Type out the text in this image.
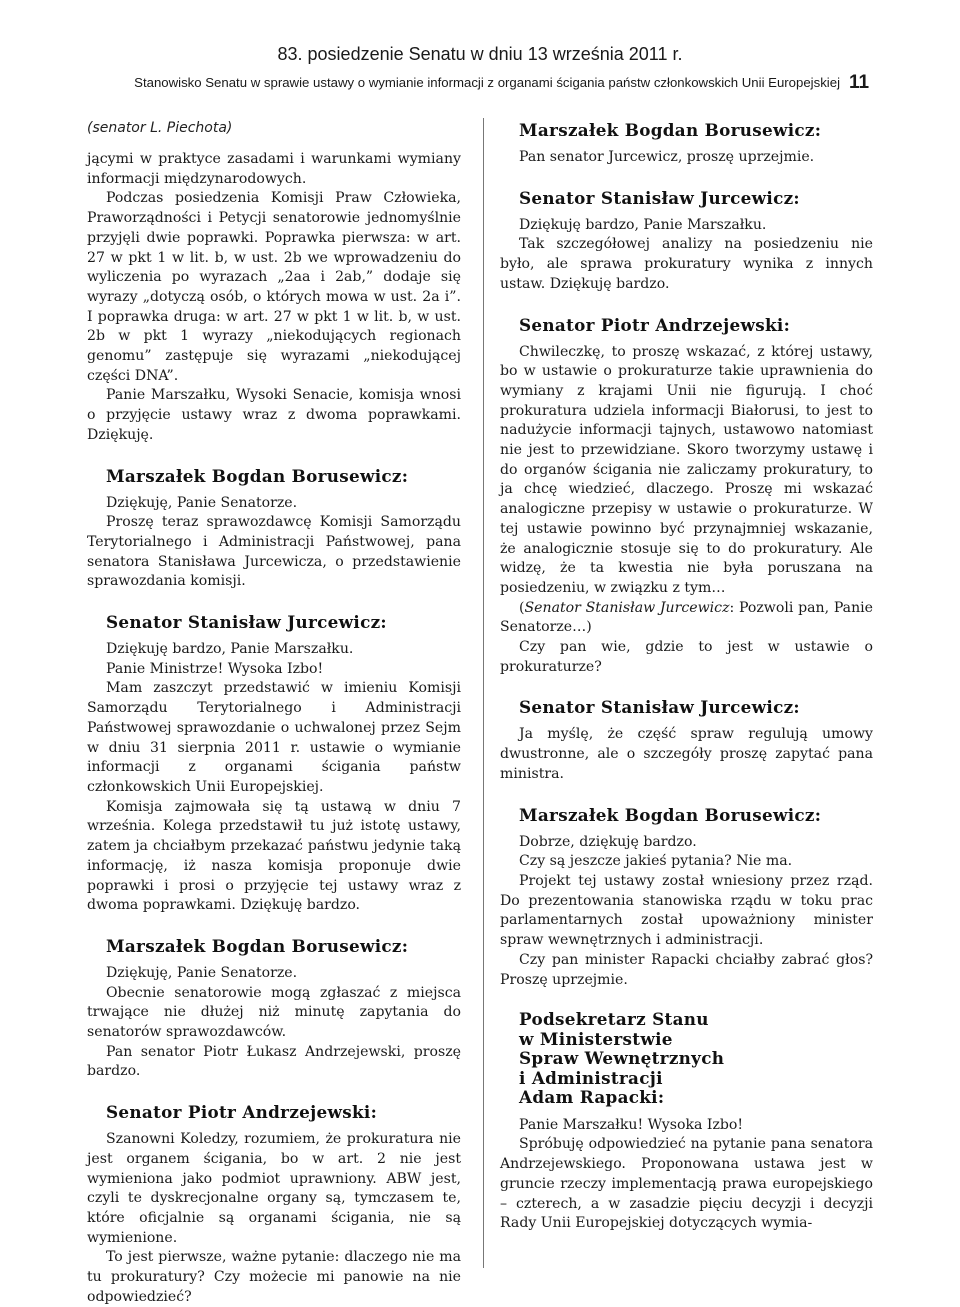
83. posiedzenie Senatu w dniu 13 września 2011 r.
Stanowisko Senatu w sprawie ustawy o wymianie informacji z organami ścigania państw członkowskich Unii Europejskiej 11
(senator L. Piechota)

jącymi w praktyce zasadami i warunkami wymiany informacji międzynarodowych.

Podczas posiedzenia Komisji Praw Człowieka, Praworządności i Petycji senatorowie jednomyślnie przyjęli dwie poprawki. Poprawka pierwsza: w art. 27 w pkt 1 w lit. b, w ust. 2b we wprowadzeniu do wyliczenia po wyrazach „2aa i 2ab,” dodaje się wyrazy „dotyczą osób, o których mowa w ust. 2a i”. I poprawka druga: w art. 27 w pkt 1 w lit. b, w ust. 2b w pkt 1 wyrazy „niekodujących regionach genomu” zastępuje się wyrazami „niekodującej części DNA”.

Panie Marszałku, Wysoki Senacie, komisja wnosi o przyjęcie ustawy wraz z dwoma poprawkami. Dziękuję.

Marszałek Bogdan Borusewicz:

Dziękuję, Panie Senatorze.

Proszę teraz sprawozdawcę Komisji Samorządu Terytorialnego i Administracji Państwowej, pana senatora Stanisława Jurcewicza, o przedstawienie sprawozdania komisji.

Senator Stanisław Jurcewicz:

Dziękuję bardzo, Panie Marszałku.

Panie Ministrze! Wysoka Izbo!

Mam zaszczyt przedstawić w imieniu Komisji Samorządu Terytorialnego i Administracji Państwowej sprawozdanie o uchwalonej przez Sejm w dniu 31 sierpnia 2011 r. ustawie o wymianie informacji z organami ścigania państw członkowskich Unii Europejskiej.

Komisja zajmowała się tą ustawą w dniu 7 września. Kolega przedstawił tu już istotę ustawy, zatem ja chciałbym przekazać państwu jedynie taką informację, iż nasza komisja proponuje dwie poprawki i prosi o przyjęcie tej ustawy wraz z dwoma poprawkami. Dziękuję bardzo.

Marszałek Bogdan Borusewicz:

Dziękuję, Panie Senatorze.

Obecnie senatorowie mogą zgłaszać z miejsca trwające nie dłużej niż minutę zapytania do senatorów sprawozdawców.

Pan senator Piotr Łukasz Andrzejewski, proszę bardzo.

Senator Piotr Andrzejewski:

Szanowni Koledzy, rozumiem, że prokuratura nie jest organem ścigania, bo w art. 2 nie jest wymieniona jako podmiot uprawniony. ABW jest, czyli te dyskrecjonalne organy są, tymczasem te, które oficjalnie są organami ścigania, nie są wymienione.

To jest pierwsze, ważne pytanie: dlaczego nie ma tu prokuratury? Czy możecie mi panowie na nie odpowiedzieć?

Marszałek Bogdan Borusewicz:

Pan senator Jurcewicz, proszę uprzejmie.

Senator Stanisław Jurcewicz:

Dziękuję bardzo, Panie Marszałku.

Tak szczegółowej analizy na posiedzeniu nie było, ale sprawa prokuratury wynika z innych ustaw. Dziękuję bardzo.

Senator Piotr Andrzejewski:

Chwileczkę, to proszę wskazać, z której ustawy, bo w ustawie o prokuraturze takie uprawnienia do wymiany z krajami Unii nie figurują. I choć prokuratura udziela informacji Białorusi, to jest to nadużycie informacji tajnych, ustawowo natomiast nie jest to przewidziane. Skoro tworzymy ustawę i do organów ścigania nie zaliczamy prokuratury, to ja chcę wiedzieć, dlaczego. Proszę mi wskazać analogiczne przepisy w ustawie o prokuraturze. W tej ustawie powinno być przynajmniej wskazanie, że analogicznie stosuje się to do prokuratury. Ale widzę, że ta kwestia nie była poruszana na posiedzeniu, w związku z tym…

(Senator Stanisław Jurcewicz: Pozwoli pan, Panie Senatorze…)

Czy pan wie, gdzie to jest w ustawie o prokuraturze?

Senator Stanisław Jurcewicz:

Ja myślę, że część spraw regulują umowy dwustronne, ale o szczegóły proszę zapytać pana ministra.

Marszałek Bogdan Borusewicz:

Dobrze, dziękuję bardzo.

Czy są jeszcze jakieś pytania? Nie ma.

Projekt tej ustawy został wniesiony przez rząd. Do prezentowania stanowiska rządu w toku prac parlamentarnych został upoważniony minister spraw wewnętrznych i administracji.

Czy pan minister Rapacki chciałby zabrać głos? Proszę uprzejmie.

Podsekretarz Stanu
w Ministerstwie
Spraw Wewnętrznych
i Administracji
Adam Rapacki:

Panie Marszałku! Wysoka Izbo!

Spróbuję odpowiedzieć na pytanie pana senatora Andrzejewskiego. Proponowana ustawa jest w gruncie rzeczy implementacją prawa europejskiego – czterech, a w zasadzie pięciu decyzji i decyzji Rady Unii Europejskiej dotyczących wymia-
